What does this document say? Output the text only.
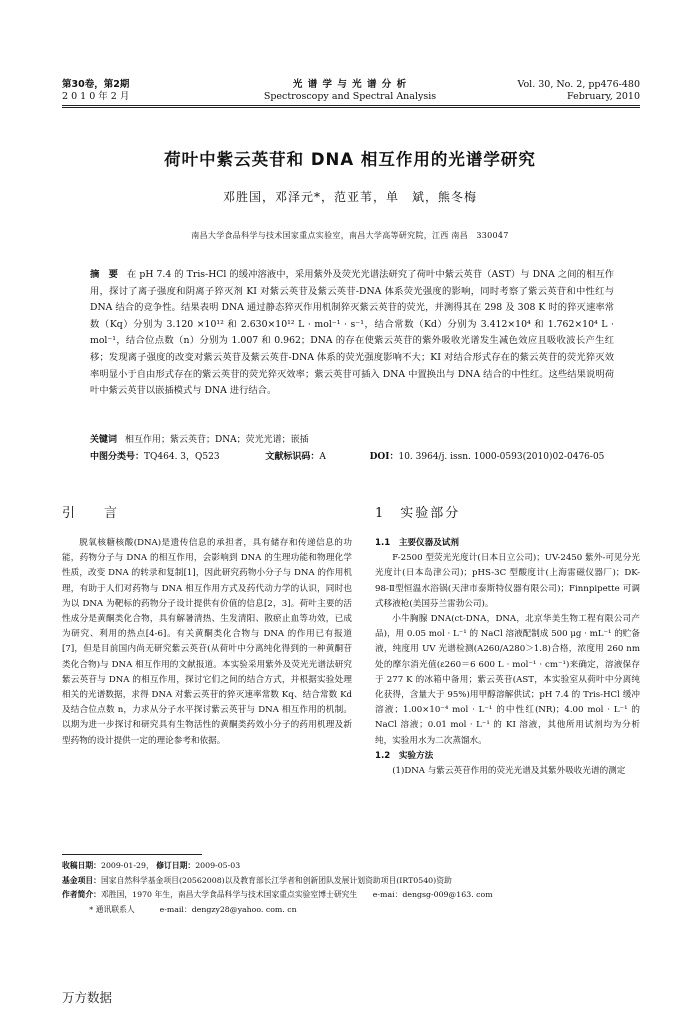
第30卷，第2期
2 0 1 0 年 2 月
光 谱 学 与 光 谱 分 析
Spectroscopy and Spectral Analysis
Vol. 30, No. 2, pp476-480
February, 2010
荷叶中紫云英苷和 DNA 相互作用的光谱学研究
邓胜国，邓泽元*，范亚苇，单　斌，熊冬梅
南昌大学食品科学与技术国家重点实验室，南昌大学高等研究院，江西 南昌　330047
摘 要 在 pH 7.4 的 Tris-HCl 的缓冲溶液中，采用紫外及荧光光谱法研究了荷叶中紫云英苷（AST）与 DNA 之间的相互作用，探讨了离子强度和阴离子猝灭剂 KI 对紫云英苷及紫云英苷-DNA 体系荧光强度的影响，同时考察了紫云英苷和中性红与 DNA 结合的竞争性。结果表明 DNA 通过静态猝灭作用机制猝灭紫云英苷的荧光，并测得其在 298 及 308 K 时的猝灭速率常数（Kq）分别为 3.120 ×10¹² 和 2.630×10¹² L · mol⁻¹ · s⁻¹，结合常数（Kd）分别为 3.412×10⁴ 和 1.762×10⁴ L · mol⁻¹，结合位点数（n）分别为 1.007 和 0.962；DNA 的存在使紫云英苷的紫外吸收光谱发生减色效应且吸收波长产生红移；发现离子强度的改变对紫云英苷及紫云英苷-DNA 体系的荧光强度影响不大；KI 对结合形式存在的紫云英苷的荧光猝灭效率明显小于自由形式存在的紫云英苷的荧光猝灭效率；紫云英苷可插入 DNA 中置换出与 DNA 结合的中性红。这些结果说明荷叶中紫云英苷以嵌插模式与 DNA 进行结合。
关键词 相互作用；紫云英苷；DNA；荧光光谱；嵌插
中图分类号：TQ464. 3，Q523	文献标识码：A	DOI：10. 3964/j. issn. 1000-0593(2010)02-0476-05
引　言	1　实验部分

脱氧核糖核酸(DNA)是遗传信息的承担者，具有储存和传递信息的功能，药物分子与 DNA 的相互作用，会影响到 DNA 的生理功能和物理化学性质，改变 DNA 的转录和复制[1]，因此研究药物小分子与 DNA 的作用机理，有助于人们对药物与 DNA 相互作用方式及药代动力学的认识，同时也为以 DNA 为靶标的药物分子设计提供有价值的信息[2，3]。荷叶主要的活性成分是黄酮类化合物，具有解暑清热、生发清阳、散瘀止血等功效，已成为研究、利用的热点[4-6]。有关黄酮类化合物与 DNA 的作用已有报道[7]，但是目前国内尚无研究紫云英苷(从荷叶中分离纯化得到的一种黄酮苷类化合物)与 DNA 相互作用的文献报道。本实验采用紫外及荧光光谱法研究紫云英苷与 DNA 的相互作用，探讨它们之间的结合方式，并根据实验处理相关的光谱数据，求得 DNA 对紫云英苷的猝灭速率常数 Kq、结合常数 Kd 及结合位点数 n，力求从分子水平探讨紫云英苷与 DNA 相互作用的机制。以期为进一步探讨和研究具有生物活性的黄酮类药效小分子的药用机理及新型药物的设计提供一定的理论参考和依据。

1.1　主要仪器及试剂

F-2500 型荧光光度计(日本日立公司)；UV-2450 紫外-可见分光光度计(日本岛津公司)；pHS-3C 型酸度计(上海雷磁仪器厂)；DK-98-Ⅱ型恒温水浴锅(天津市泰斯特仪器有限公司)；Finnpipette 可调式移液枪(美国芬兰雷勃公司)。

小牛胸腺 DNA(ct-DNA，DNA，北京华美生物工程有限公司产品)，用 0.05 mol · L⁻¹ 的 NaCl 溶液配制成 500 μg · mL⁻¹ 的贮备液，纯度用 UV 光谱检测(A260/A280＞1.8)合格，浓度用 260 nm 处的摩尔消光值(ε260＝6 600 L · mol⁻¹ · cm⁻¹)来确定，溶液保存于 277 K 的冰箱中备用；紫云英苷(AST，本实验室从荷叶中分离纯化获得，含量大于 95%)用甲醇溶解供试；pH 7.4 的 Tris-HCl 缓冲溶液；1.00×10⁻⁴ mol · L⁻¹ 的中性红(NR)；4.00 mol · L⁻¹ 的 NaCl 溶液；0.01 mol · L⁻¹ 的 KI 溶液，其他所用试剂均为分析纯，实验用水为二次蒸馏水。

1.2　实验方法

(1)DNA 与紫云英苷作用的荧光光谱及其紫外吸收光谱的测定

收稿日期：2009-01-29， 修订日期：2009-05-03
基金项目：国家自然科学基金项目(20562008)以及教育部长江学者和创新团队发展计划资助项目(IRT0540)资助
作者简介：邓胜国，1970 年生，南昌大学食品科学与技术国家重点实验室博士研究生　　e-mai：dengsg-009@163. com
* 通讯联系人	e-mail：dengzy28@yahoo. com. cn
万方数据
